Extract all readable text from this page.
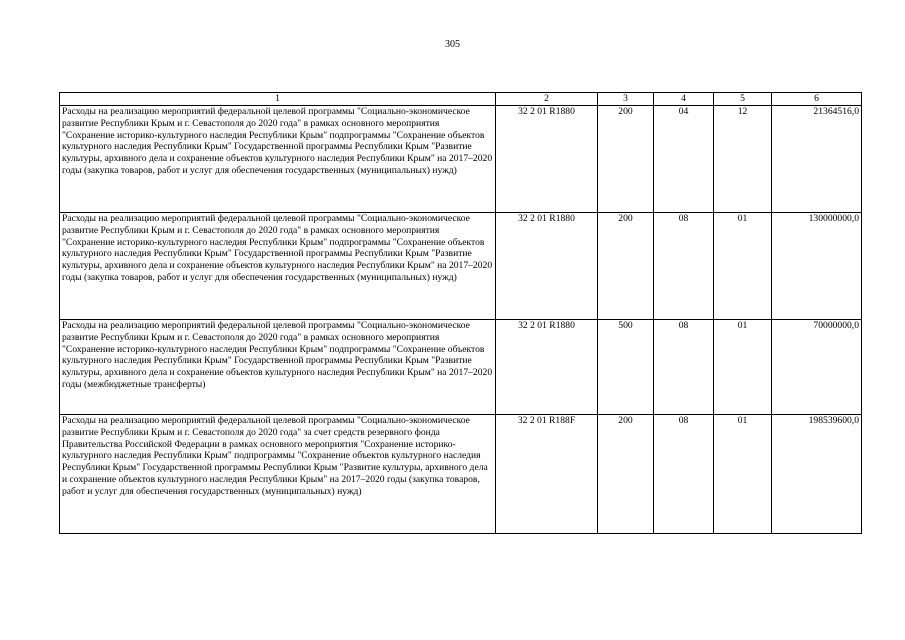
305
1	2	3	4	5	6
Расходы на реализацию мероприятий федеральной целевой программы "Социально-экономическое развитие Республики Крым и г. Севастополя до 2020 года" в рамках основного мероприятия "Сохранение историко-культурного наследия Республики Крым" подпрограммы "Сохранение объектов культурного наследия Республики Крым" Государственной программы Республики Крым "Развитие культуры, архивного дела и сохранение объектов культурного наследия Республики Крым" на 2017–2020 годы (закупка товаров, работ и услуг для обеспечения государственных (муниципальных) нужд)	32 2 01 R1880	200	04	12	21364516,0
Расходы на реализацию мероприятий федеральной целевой программы "Социально-экономическое развитие Республики Крым и г. Севастополя до 2020 года" в рамках основного мероприятия "Сохранение историко-культурного наследия Республики Крым" подпрограммы "Сохранение объектов культурного наследия Республики Крым" Государственной программы Республики Крым "Развитие культуры, архивного дела и сохранение объектов культурного наследия Республики Крым" на 2017–2020 годы (закупка товаров, работ и услуг для обеспечения государственных (муниципальных) нужд)	32 2 01 R1880	200	08	01	130000000,0
Расходы на реализацию мероприятий федеральной целевой программы "Социально-экономическое развитие Республики Крым и г. Севастополя до 2020 года" в рамках основного мероприятия "Сохранение историко-культурного наследия Республики Крым" подпрограммы "Сохранение объектов культурного наследия Республики Крым" Государственной программы Республики Крым "Развитие культуры, архивного дела и сохранение объектов культурного наследия Республики Крым" на 2017–2020 годы (межбюджетные трансферты)	32 2 01 R1880	500	08	01	70000000,0
Расходы на реализацию мероприятий федеральной целевой программы "Социально-экономическое развитие Республики Крым и г. Севастополя до 2020 года" за счет средств резервного фонда Правительства Российской Федерации в рамках основного мероприятия "Сохранение историко-культурного наследия Республики Крым" подпрограммы "Сохранение объектов культурного наследия Республики Крым" Государственной программы Республики Крым "Развитие культуры, архивного дела и сохранение объектов культурного наследия Республики Крым" на 2017–2020 годы (закупка товаров, работ и услуг для обеспечения государственных (муниципальных) нужд)	32 2 01 R188F	200	08	01	198539600,0
